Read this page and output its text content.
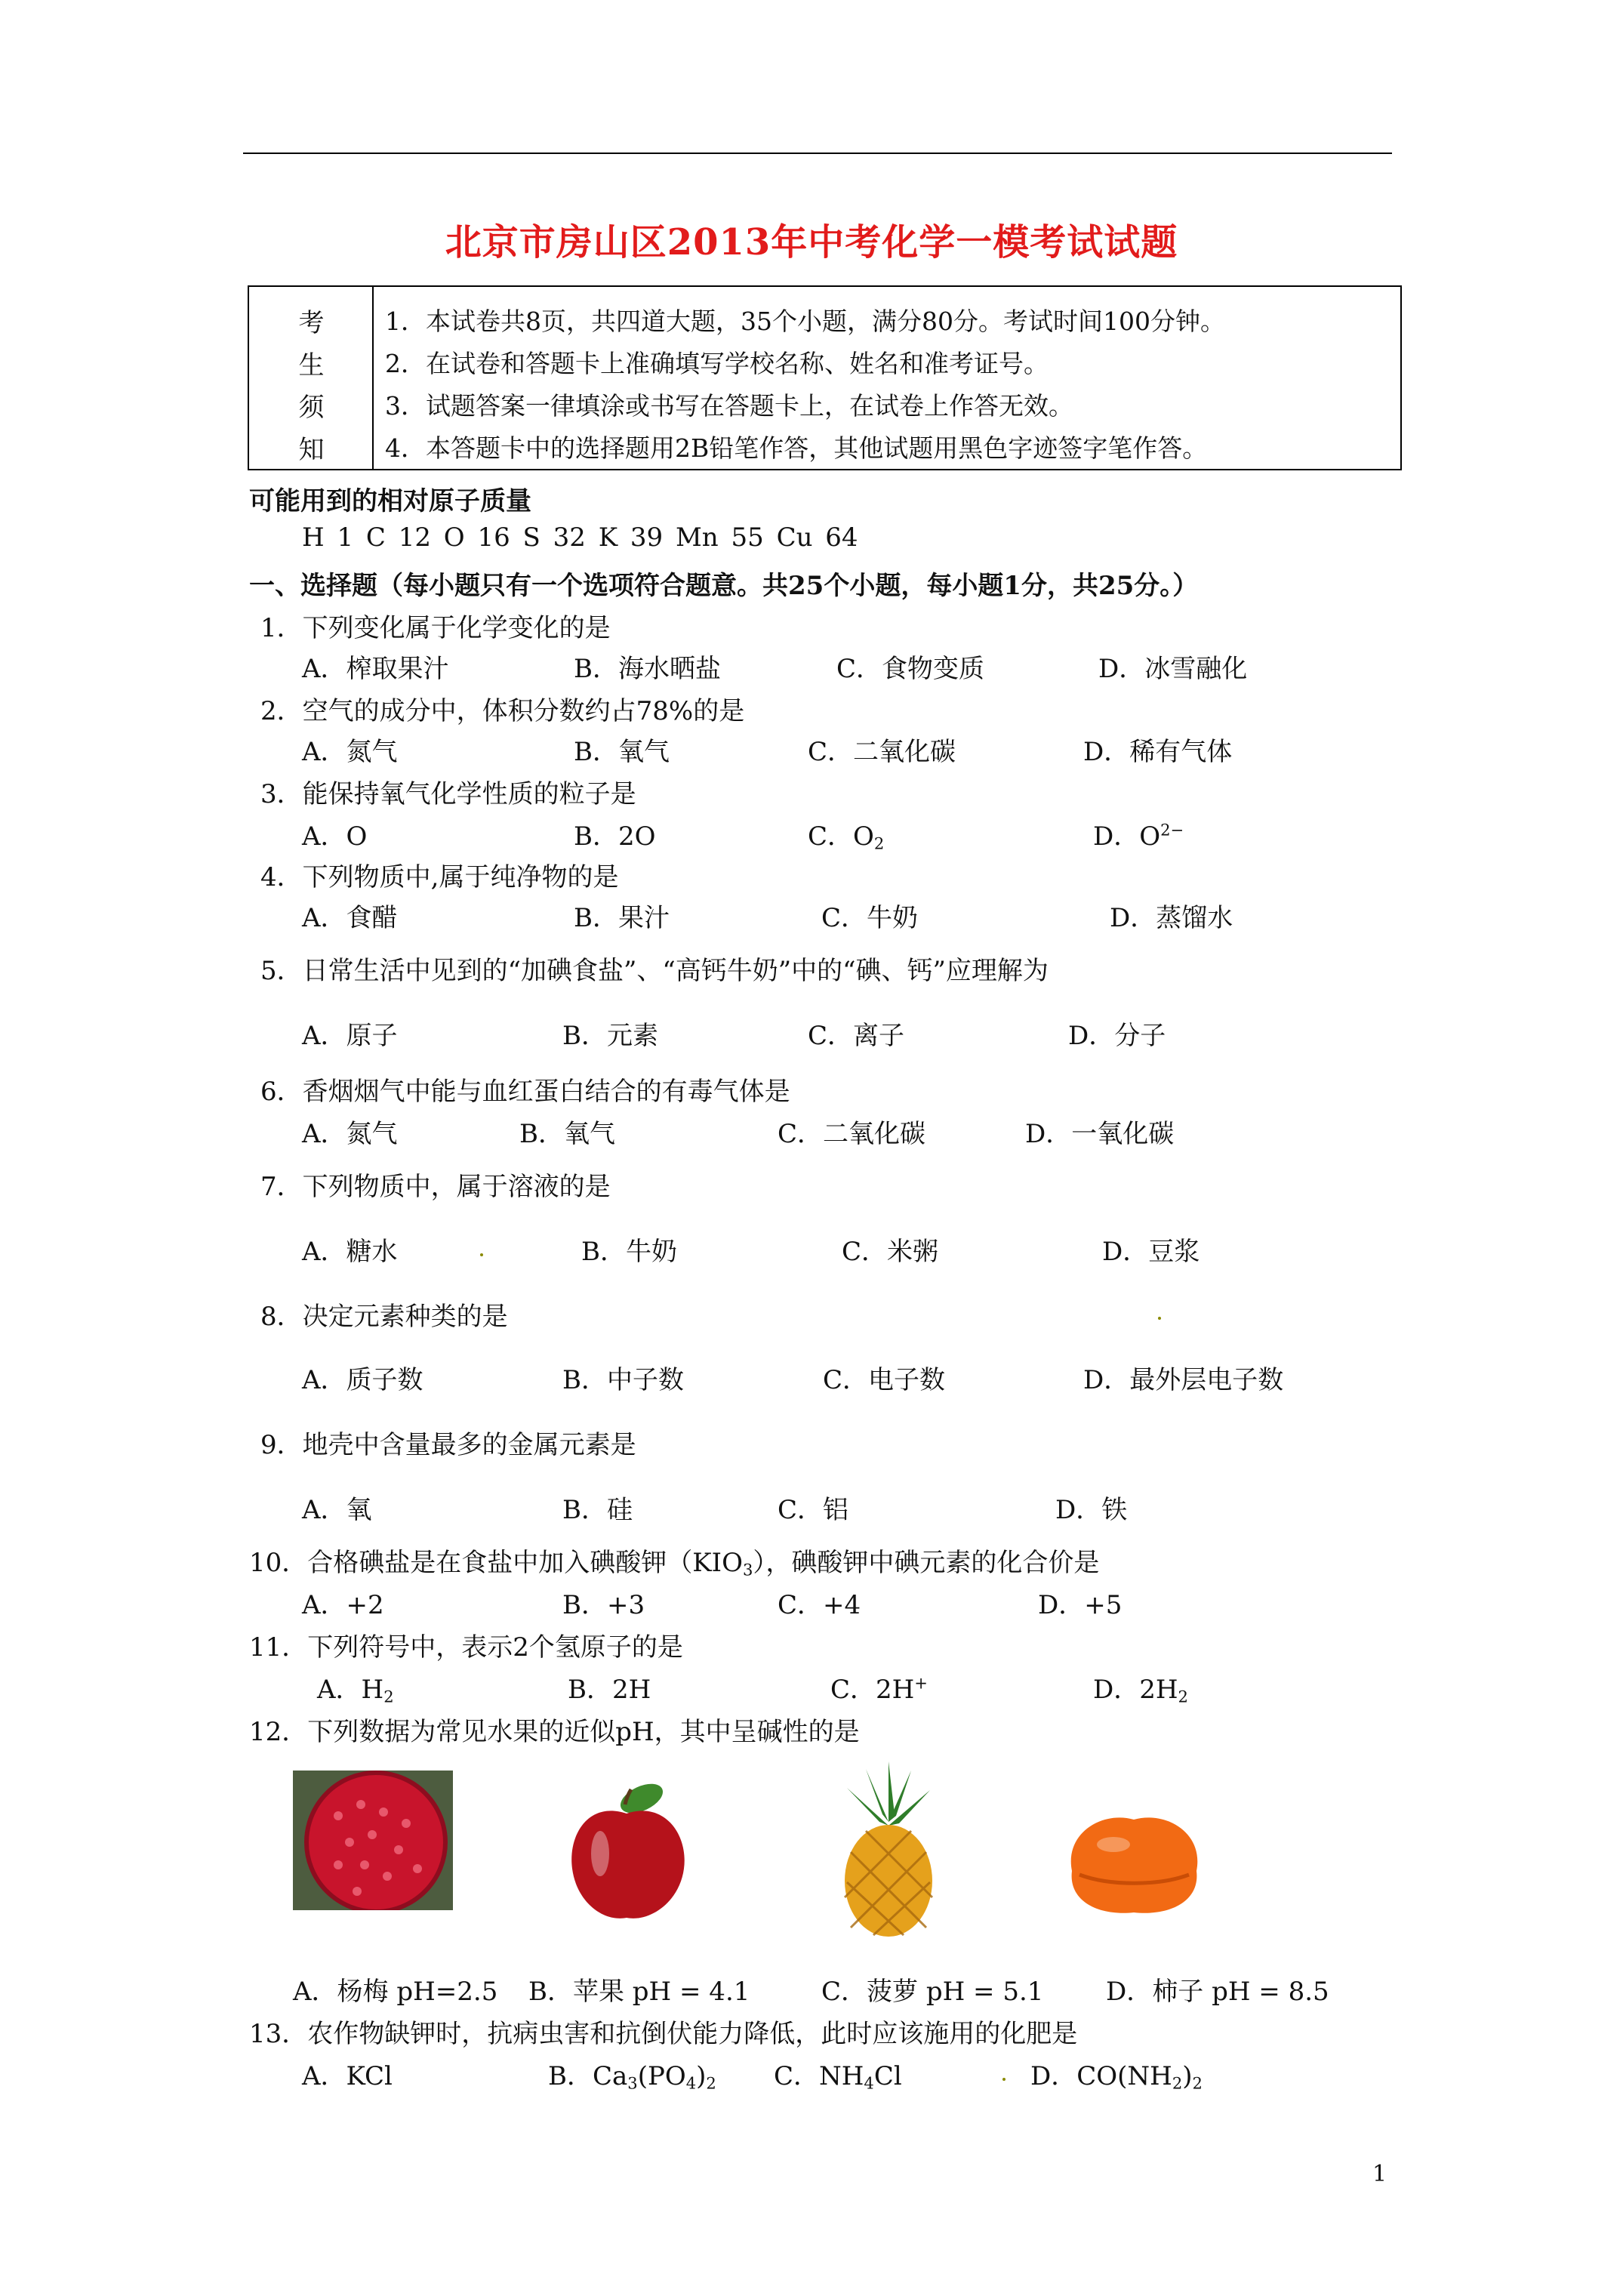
北京市房山区2013年中考化学一模考试试题
考
生
须
知
1．本试卷共8页，共四道大题，35个小题，满分80分。考试时间100分钟。
2．在试卷和答题卡上准确填写学校名称、姓名和准考证号。
3．试题答案一律填涂或书写在答题卡上，在试卷上作答无效。
4．本答题卡中的选择题用2B铅笔作答，其他试题用黑色字迹签字笔作答。
可能用到的相对原子质量
H 1 C 12 O 16 S 32 K 39 Mn 55 Cu 64
一、选择题（每小题只有一个选项符合题意。共25个小题，每小题1分，共25分。）
1．下列变化属于化学变化的是
A．榨取果汁	B．海水晒盐	C．食物变质	D．冰雪融化
2．空气的成分中，体积分数约占78%的是
A．氮气	B．氧气	C．二氧化碳	D．稀有气体
3．能保持氧气化学性质的粒子是
A．O	B．2O	C．$O_2$	D．$O^{2-}$
4．下列物质中,属于纯净物的是
A．食醋	B．果汁	C．牛奶	D．蒸馏水
5．日常生活中见到的“加碘食盐”、“高钙牛奶”中的“碘、钙”应理解为
A．原子	B．元素	C．离子	D．分子
6．香烟烟气中能与血红蛋白结合的有毒气体是
A．氮气	B．氧气	C．二氧化碳	D．一氧化碳
7．下列物质中，属于溶液的是
A．糖水	B．牛奶	C．米粥	D．豆浆
8．决定元素种类的是
A．质子数	B．中子数	C．电子数	D．最外层电子数
9．地壳中含量最多的金属元素是
A．氧	B．硅	C．铝	D．铁
10．合格碘盐是在食盐中加入碘酸钾$(KIO_3)$，碘酸钾中碘元素的化合价是
A．+2	B．+3	C．+4	D．+5
11．下列符号中，表示2个氢原子的是
A．$H_2$	B．2H	C．2H+	D．$2H_2$
12．下列数据为常见水果的近似pH，其中呈碱性的是
A．杨梅 pH=2.5 B．苹果 pH = 4.1	C．菠萝 pH = 5.1 D．柿子 pH = 8.5
13．农作物缺钾时，抗病虫害和抗倒伏能力降低，此时应该施用的化肥是
A．KCl	B．$Ca_3(PO_4)_2$ C．$NH_4Cl$	D．$CO(NH_2)_2$
1
